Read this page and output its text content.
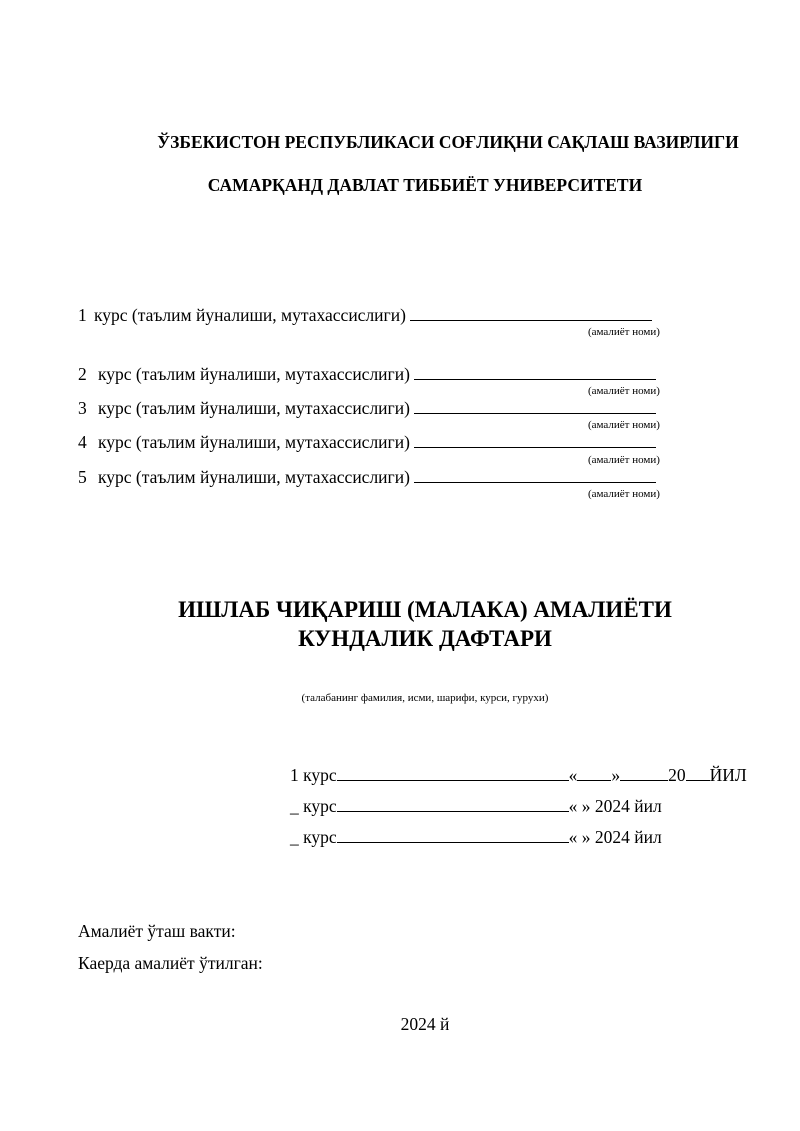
ЎЗБЕКИСТОН РЕСПУБЛИКАСИ СОҒЛИҚНИ САҚЛАШ ВАЗИРЛИГИ
САМАРҚАНД ДАВЛАТ ТИББИЁТ УНИВЕРСИТЕТИ
1 курс (таълим йуналиши, мутахассислиги)
(амалиёт номи)
2 курс (таълим йуналиши, мутахассислиги)
(амалиёт номи)
3 курс (таълим йуналиши, мутахассислиги)
(амалиёт номи)
4 курс (таълим йуналиши, мутахассислиги)
(амалиёт номи)
5 курс (таълим йуналиши, мутахассислиги)
(амалиёт номи)
ИШЛАБ ЧИҚАРИШ (МАЛАКА) АМАЛИЁТИ
КУНДАЛИК ДАФТАРИ
(талабанинг фамилия, исми, шарифи, курси, гурухи)
1 курс	« »	20 ЙИЛ
_ курс	« » 2024 йил
_ курс	« » 2024 йил
Амалиёт ўташ вакти:
Каерда амалиёт ўтилган:
2024 й
